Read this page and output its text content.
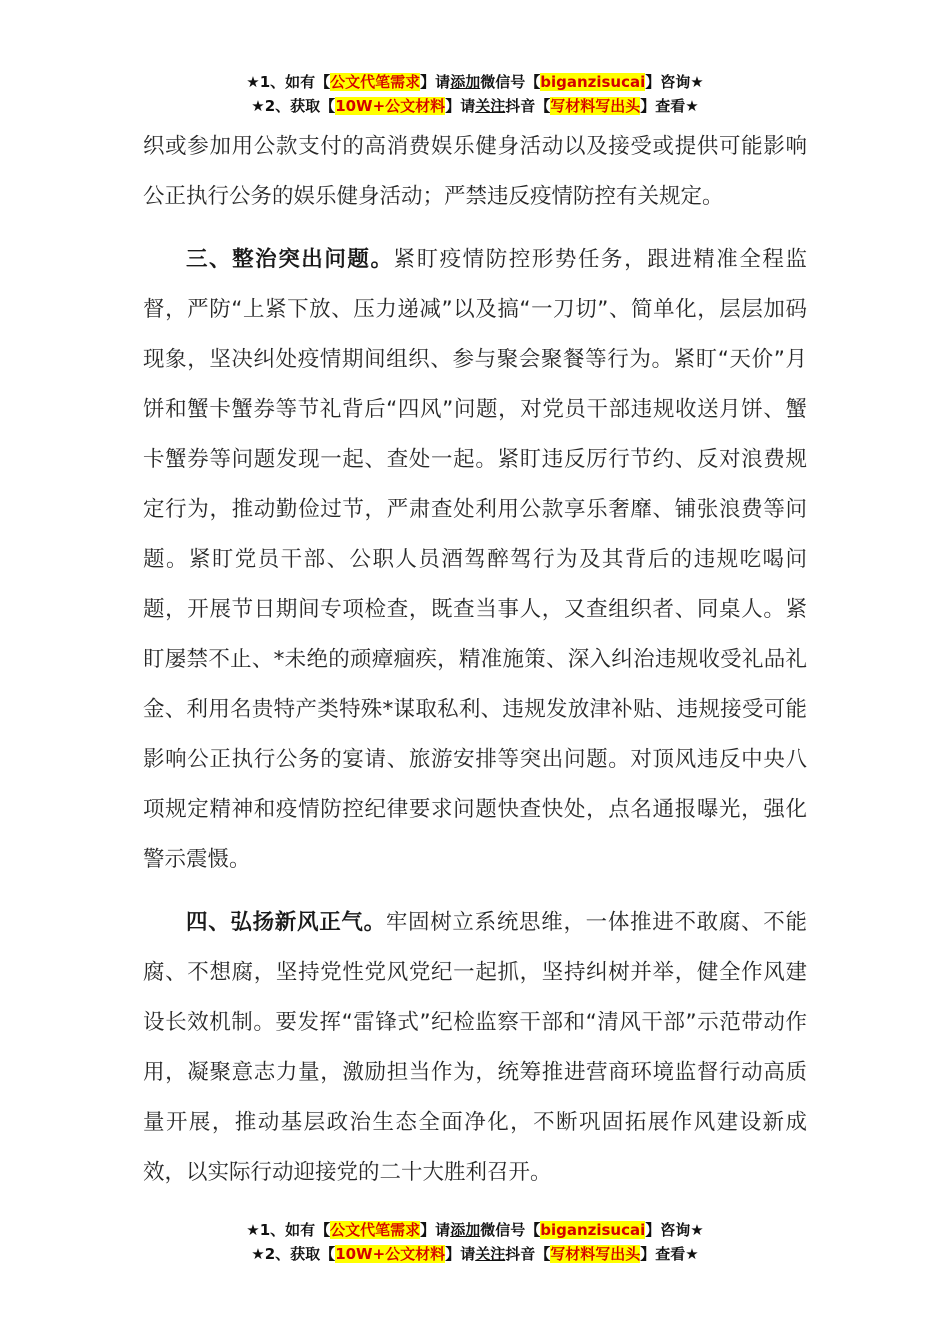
★1、如有【公文代笔需求】请添加微信号【biganzisucai】咨询★
★2、获取【10W+公文材料】请关注抖音【写材料写出头】查看★

织或参加用公款支付的高消费娱乐健身活动以及接受或提供可能影响公正执行公务的娱乐健身活动；严禁违反疫情防控有关规定。

三、整治突出问题。紧盯疫情防控形势任务，跟进精准全程监督，严防“上紧下放、压力递减”以及搞“一刀切”、简单化，层层加码现象，坚决纠处疫情期间组织、参与聚会聚餐等行为。紧盯“天价”月饼和蟹卡蟹券等节礼背后“四风”问题，对党员干部违规收送月饼、蟹卡蟹券等问题发现一起、查处一起。紧盯违反厉行节约、反对浪费规定行为，推动勤俭过节，严肃查处利用公款享乐奢靡、铺张浪费等问题。紧盯党员干部、公职人员酒驾醉驾行为及其背后的违规吃喝问题，开展节日期间专项检查，既查当事人，又查组织者、同桌人。紧盯屡禁不止、*未绝的顽瘴痼疾，精准施策、深入纠治违规收受礼品礼金、利用名贵特产类特殊*谋取私利、违规发放津补贴、违规接受可能影响公正执行公务的宴请、旅游安排等突出问题。对顶风违反中央八项规定精神和疫情防控纪律要求问题快查快处，点名通报曝光，强化警示震慑。

四、弘扬新风正气。牢固树立系统思维，一体推进不敢腐、不能腐、不想腐，坚持党性党风党纪一起抓，坚持纠树并举，健全作风建设长效机制。要发挥“雷锋式”纪检监察干部和“清风干部”示范带动作用，凝聚意志力量，激励担当作为，统筹推进营商环境监督行动高质量开展，推动基层政治生态全面净化，不断巩固拓展作风建设新成效，以实际行动迎接党的二十大胜利召开。

★1、如有【公文代笔需求】请添加微信号【biganzisucai】咨询★
★2、获取【10W+公文材料】请关注抖音【写材料写出头】查看★
